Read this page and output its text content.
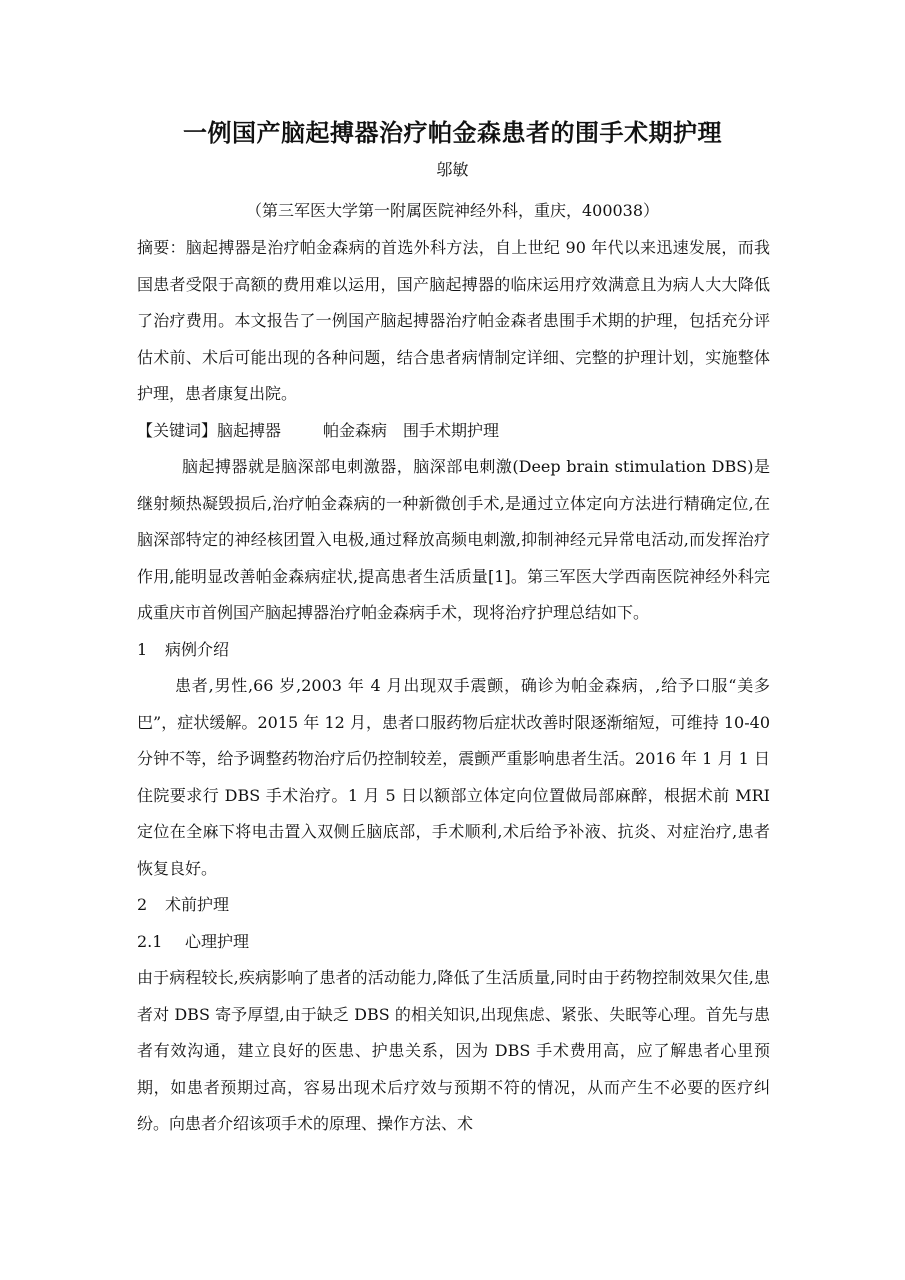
一例国产脑起搏器治疗帕金森患者的围手术期护理
邬敏
（第三军医大学第一附属医院神经外科，重庆，400038）

摘要：脑起搏器是治疗帕金森病的首选外科方法，自上世纪 90 年代以来迅速发展，而我国患者受限于高额的费用难以运用，国产脑起搏器的临床运用疗效满意且为病人大大降低了治疗费用。本文报告了一例国产脑起搏器治疗帕金森者患围手术期的护理，包括充分评估术前、术后可能出现的各种问题，结合患者病情制定详细、完整的护理计划，实施整体护理，患者康复出院。

【关键词】脑起搏器	帕金森病 围手术期护理

脑起搏器就是脑深部电刺激器，脑深部电刺激(Deep brain stimulation DBS)是继射频热凝毁损后,治疗帕金森病的一种新微创手术,是通过立体定向方法进行精确定位,在脑深部特定的神经核团置入电极,通过释放高频电刺激,抑制神经元异常电活动,而发挥治疗作用,能明显改善帕金森病症状,提高患者生活质量[1]。第三军医大学西南医院神经外科完成重庆市首例国产脑起搏器治疗帕金森病手术，现将治疗护理总结如下。

1 病例介绍

患者,男性,66 岁,2003 年 4 月出现双手震颤，确诊为帕金森病，,给予口服“美多巴”，症状缓解。2015 年 12 月，患者口服药物后症状改善时限逐渐缩短，可维持 10-40 分钟不等，给予调整药物治疗后仍控制较差，震颤严重影响患者生活。2016 年 1 月 1 日住院要求行 DBS 手术治疗。1 月 5 日以额部立体定向位置做局部麻醉，根据术前 MRI 定位在全麻下将电击置入双侧丘脑底部，手术顺利,术后给予补液、抗炎、对症治疗,患者恢复良好。

2 术前护理

2.1 心理护理

由于病程较长,疾病影响了患者的活动能力,降低了生活质量,同时由于药物控制效果欠佳,患者对 DBS 寄予厚望,由于缺乏 DBS 的相关知识,出现焦虑、紧张、失眠等心理。首先与患者有效沟通，建立良好的医患、护患关系，因为 DBS 手术费用高，应了解患者心里预期，如患者预期过高，容易出现术后疗效与预期不符的情况，从而产生不必要的医疗纠纷。向患者介绍该项手术的原理、操作方法、术
